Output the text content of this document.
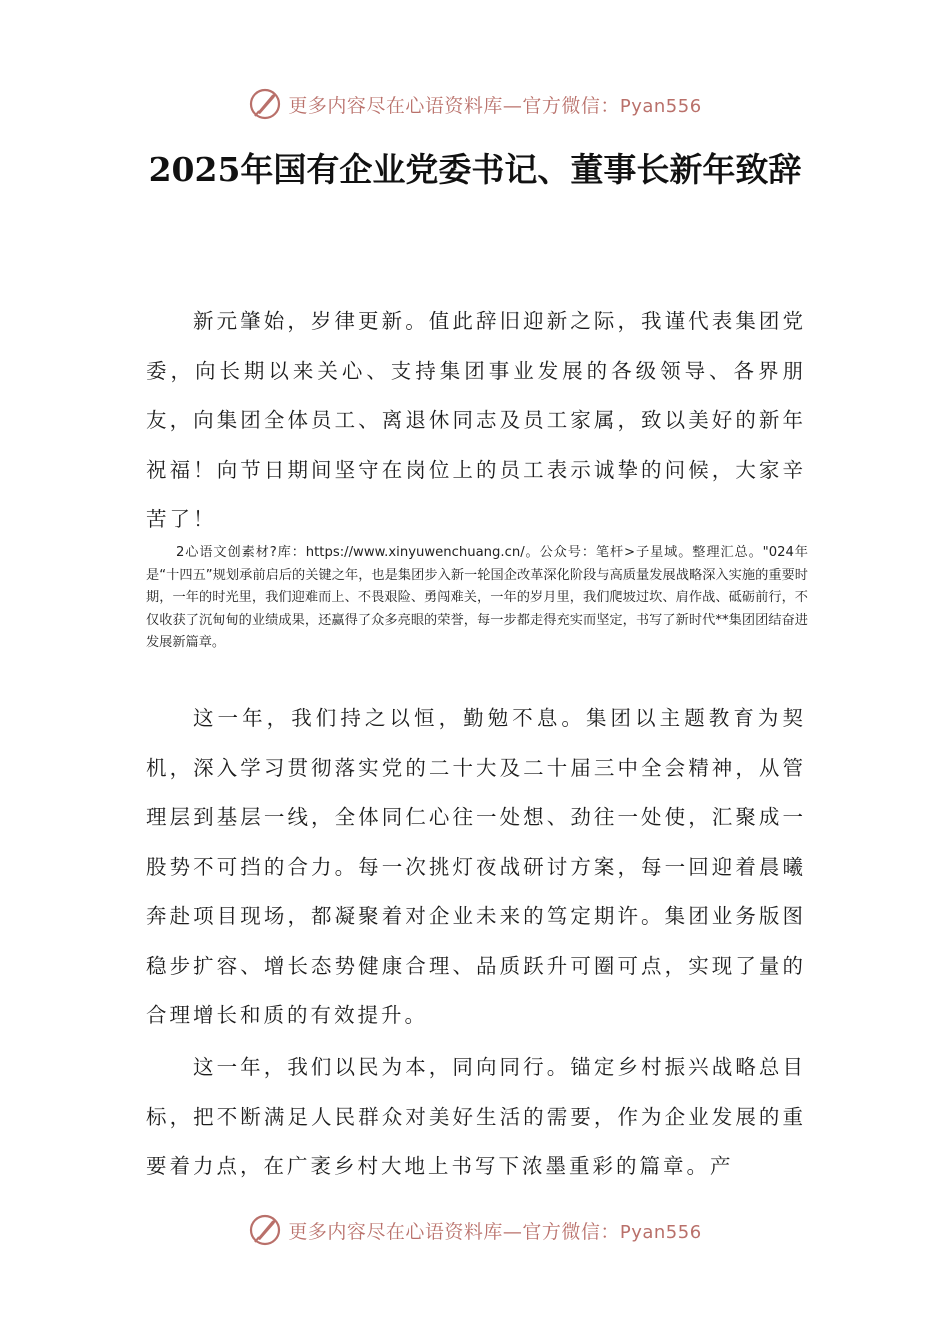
更多内容尽在心语资料库—官方微信：Pyan556
2025年国有企业党委书记、董事长新年致辞

新元肇始，岁律更新。值此辞旧迎新之际，我谨代表集团党委，向长期以来关心、支持集团事业发展的各级领导、各界朋友，向集团全体员工、离退休同志及员工家属，致以美好的新年祝福！向节日期间坚守在岗位上的员工表示诚挚的问候，大家辛苦了！

2心语文创素材?库：https://www.xinyuwenchuang.cn/。公众号：笔杆>子星域。整理汇总。"024年是“十四五”规划承前启后的关键之年，也是集团步入新一轮国企改革深化阶段与高质量发展战略深入实施的重要时期，一年的时光里，我们迎难而上、不畏艰险、勇闯难关，一年的岁月里，我们爬坡过坎、肩作战、砥砺前行，不仅收获了沉甸甸的业绩成果，还赢得了众多亮眼的荣誉，每一步都走得充实而坚定，书写了新时代**集团团结奋进发展新篇章。

这一年，我们持之以恒，勤勉不息。集团以主题教育为契机，深入学习贯彻落实党的二十大及二十届三中全会精神，从管理层到基层一线，全体同仁心往一处想、劲往一处使，汇聚成一股势不可挡的合力。每一次挑灯夜战研讨方案，每一回迎着晨曦奔赴项目现场，都凝聚着对企业未来的笃定期许。集团业务版图稳步扩容、增长态势健康合理、品质跃升可圈可点，实现了量的合理增长和质的有效提升。

这一年，我们以民为本，同向同行。锚定乡村振兴战略总目标，把不断满足人民群众对美好生活的需要，作为企业发展的重要着力点，在广袤乡村大地上书写下浓墨重彩的篇章。产

更多内容尽在心语资料库—官方微信：Pyan556
